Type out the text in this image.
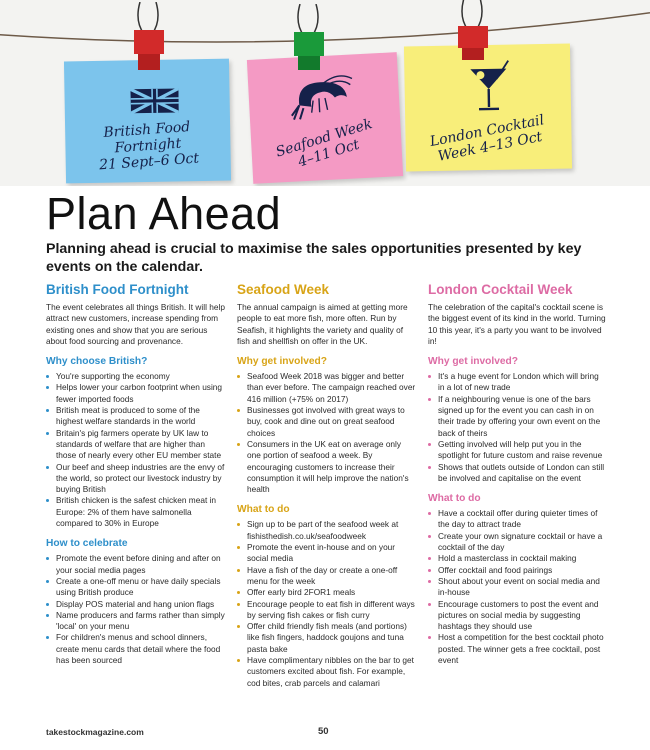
British Food
Fortnight
21 Sept–6 Oct
Seafood Week
4–11 Oct
London Cocktail
Week 4–13 Oct
Plan Ahead

Planning ahead is crucial to maximise the sales opportunities presented by key events on the calendar.

British Food Fortnight

The event celebrates all things British. It will help attract new customers, increase spending from existing ones and show that you are serious about food sourcing and provenance.

Why choose British?
You're supporting the economy
Helps lower your carbon footprint when using fewer imported foods
British meat is produced to some of the highest welfare standards in the world
Britain's pig farmers operate by UK law to standards of welfare that are higher than those of nearly every other EU member state
Our beef and sheep industries are the envy of the world, so protect our livestock industry by buying British
British chicken is the safest chicken meat in Europe: 2% of them have salmonella compared to 30% in Europe
How to celebrate
Promote the event before dining and after on your social media pages
Create a one-off menu or have daily specials using British produce
Display POS material and hang union flags
Name producers and farms rather than simply 'local' on your menu
For children's menus and school dinners, create menu cards that detail where the food has been sourced
Seafood Week

The annual campaign is aimed at getting more people to eat more fish, more often. Run by Seafish, it highlights the variety and quality of fish and shellfish on offer in the UK.

Why get involved?
Seafood Week 2018 was bigger and better than ever before. The campaign reached over 416 million (+75% on 2017)
Businesses got involved with great ways to buy, cook and dine out on great seafood choices
Consumers in the UK eat on average only one portion of seafood a week. By encouraging customers to increase their consumption it will help improve the nation's health
What to do
Sign up to be part of the seafood week at fishisthedish.co.uk/seafoodweek
Promote the event in-house and on your social media
Have a fish of the day or create a one-off menu for the week
Offer early bird 2FOR1 meals
Encourage people to eat fish in different ways by serving fish cakes or fish curry
Offer child friendly fish meals (and portions) like fish fingers, haddock goujons and tuna pasta bake
Have complimentary nibbles on the bar to get customers excited about fish. For example, cod bites, crab parcels and calamari
London Cocktail Week

The celebration of the capital's cocktail scene is the biggest event of its kind in the world. Turning 10 this year, it's a party you want to be involved in!

Why get involved?
It's a huge event for London which will bring in a lot of new trade
If a neighbouring venue is one of the bars signed up for the event you can cash in on their trade by offering your own event on the back of theirs
Getting involved will help put you in the spotlight for future custom and raise revenue
Shows that outlets outside of London can still be involved and capitalise on the event
What to do
Have a cocktail offer during quieter times of the day to attract trade
Create your own signature cocktail or have a cocktail of the day
Hold a masterclass in cocktail making
Offer cocktail and food pairings
Shout about your event on social media and in-house
Encourage customers to post the event and pictures on social media by suggesting hashtags they should use
Host a competition for the best cocktail photo posted. The winner gets a free cocktail, post event
takestockmagazine.com	50
